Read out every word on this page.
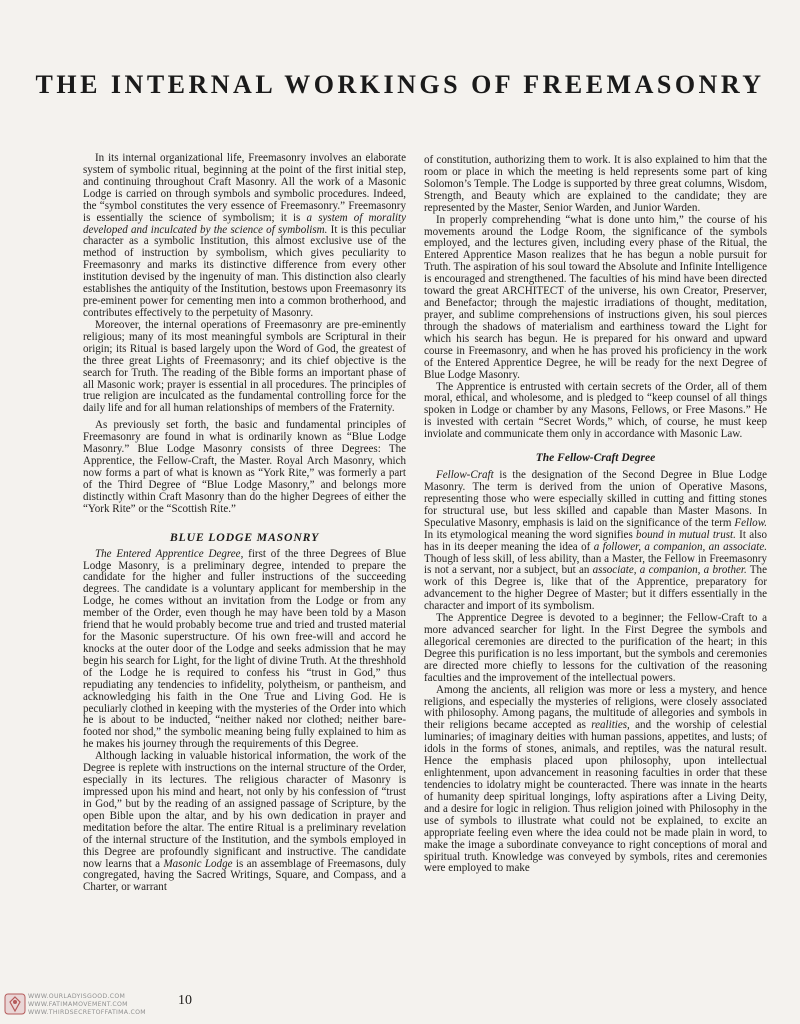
THE INTERNAL WORKINGS OF FREEMASONRY

In its internal organizational life, Freemasonry involves an elaborate system of symbolic ritual, beginning at the point of the first initial step, and continuing throughout Craft Masonry. All the work of a Masonic Lodge is carried on through symbols and symbolic procedures. Indeed, the “symbol constitutes the very essence of Freemasonry.” Freemasonry is essentially the science of symbolism; it is a system of morality developed and inculcated by the science of symbolism. It is this peculiar character as a symbolic Institution, this almost exclusive use of the method of instruction by symbolism, which gives peculiarity to Freemasonry and marks its distinctive difference from every other institution devised by the ingenuity of man. This distinction also clearly establishes the antiquity of the Institution, bestows upon Freemasonry its pre-eminent power for cementing men into a common brotherhood, and contributes effectively to the perpetuity of Masonry.

Moreover, the internal operations of Freemasonry are pre-eminently religious; many of its most meaningful symbols are Scriptural in their origin; its Ritual is based largely upon the Word of God, the greatest of the three great Lights of Freemasonry; and its chief objective is the search for Truth. The reading of the Bible forms an important phase of all Masonic work; prayer is essential in all procedures. The principles of true religion are inculcated as the fundamental controlling force for the daily life and for all human relationships of members of the Fraternity.

As previously set forth, the basic and fundamental principles of Freemasonry are found in what is ordinarily known as “Blue Lodge Masonry.” Blue Lodge Masonry consists of three Degrees: The Apprentice, the Fellow-Craft, the Master. Royal Arch Masonry, which now forms a part of what is known as “York Rite,” was formerly a part of the Third Degree of “Blue Lodge Masonry,” and belongs more distinctly within Craft Masonry than do the higher Degrees of either the “York Rite” or the “Scottish Rite.”

BLUE LODGE MASONRY

The Entered Apprentice Degree, first of the three Degrees of Blue Lodge Masonry, is a preliminary degree, intended to prepare the candidate for the higher and fuller instructions of the succeeding degrees. The candidate is a voluntary applicant for membership in the Lodge, he comes without an invitation from the Lodge or from any member of the Order, even though he may have been told by a Mason friend that he would probably become true and tried and trusted material for the Masonic superstructure. Of his own free-will and accord he knocks at the outer door of the Lodge and seeks admission that he may begin his search for Light, for the light of divine Truth. At the threshhold of the Lodge he is required to confess his “trust in God,” thus repudiating any tendencies to infidelity, polytheism, or pantheism, and acknowledging his faith in the One True and Living God. He is peculiarly clothed in keeping with the mysteries of the Order into which he is about to be inducted, “neither naked nor clothed; neither bare-footed nor shod,” the symbolic meaning being fully explained to him as he makes his journey through the requirements of this Degree.

Although lacking in valuable historical information, the work of the Degree is replete with instructions on the internal structure of the Order, especially in its lectures. The religious character of Masonry is impressed upon his mind and heart, not only by his confession of “trust in God,” but by the reading of an assigned passage of Scripture, by the open Bible upon the altar, and by his own dedication in prayer and meditation before the altar. The entire Ritual is a preliminary revelation of the internal structure of the Institution, and the symbols employed in this Degree are profoundly significant and instructive. The candidate now learns that a Masonic Lodge is an assemblage of Freemasons, duly congregated, having the Sacred Writings, Square, and Compass, and a Charter, or warrant

of constitution, authorizing them to work. It is also explained to him that the room or place in which the meeting is held represents some part of king Solomon’s Temple. The Lodge is supported by three great columns, Wisdom, Strength, and Beauty which are explained to the candidate; they are represented by the Master, Senior Warden, and Junior Warden.

In properly comprehending “what is done unto him,” the course of his movements around the Lodge Room, the significance of the symbols employed, and the lectures given, including every phase of the Ritual, the Entered Apprentice Mason realizes that he has begun a noble pursuit for Truth. The aspiration of his soul toward the Absolute and Infinite Intelligence is encouraged and strengthened. The faculties of his mind have been directed toward the great ARCHITECT of the universe, his own Creator, Preserver, and Benefactor; through the majestic irradiations of thought, meditation, prayer, and sublime comprehensions of instructions given, his soul pierces through the shadows of materialism and earthiness toward the Light for which his search has begun. He is prepared for his onward and upward course in Freemasonry, and when he has proved his proficiency in the work of the Entered Apprentice Degree, he will be ready for the next Degree of Blue Lodge Masonry.

The Apprentice is entrusted with certain secrets of the Order, all of them moral, ethical, and wholesome, and is pledged to “keep counsel of all things spoken in Lodge or chamber by any Masons, Fellows, or Free Masons.” He is invested with certain “Secret Words,” which, of course, he must keep inviolate and communicate them only in accordance with Masonic Law.

The Fellow-Craft Degree

Fellow-Craft is the designation of the Second Degree in Blue Lodge Masonry. The term is derived from the union of Operative Masons, representing those who were especially skilled in cutting and fitting stones for structural use, but less skilled and capable than Master Masons. In Speculative Masonry, emphasis is laid on the significance of the term Fellow. In its etymological meaning the word signifies bound in mutual trust. It also has in its deeper meaning the idea of a follower, a companion, an associate. Though of less skill, of less ability, than a Master, the Fellow in Freemasonry is not a servant, nor a subject, but an associate, a companion, a brother. The work of this Degree is, like that of the Apprentice, preparatory for advancement to the higher Degree of Master; but it differs essentially in the character and import of its symbolism.

The Apprentice Degree is devoted to a beginner; the Fellow-Craft to a more advanced searcher for light. In the First Degree the symbols and allegorical ceremonies are directed to the purification of the heart; in this Degree this purification is no less important, but the symbols and ceremonies are directed more chiefly to lessons for the cultivation of the reasoning faculties and the improvement of the intellectual powers.

Among the ancients, all religion was more or less a mystery, and hence religions, and especially the mysteries of religions, were closely associated with philosophy. Among pagans, the multitude of allegories and symbols in their religions became accepted as realities, and the worship of celestial luminaries; of imaginary deities with human passions, appetites, and lusts; of idols in the forms of stones, animals, and reptiles, was the natural result. Hence the emphasis placed upon philosophy, upon intellectual enlightenment, upon advancement in reasoning faculties in order that these tendencies to idolatry might be counteracted. There was innate in the hearts of humanity deep spiritual longings, lofty aspirations after a Living Deity, and a desire for logic in religion. Thus religion joined with Philosophy in the use of symbols to illustrate what could not be explained, to excite an appropriate feeling even where the idea could not be made plain in word, to make the image a subordinate conveyance to right conceptions of moral and spiritual truth. Knowledge was conveyed by symbols, rites and ceremonies were employed to make

WWW.OURLADYISGOOD.COM
WWW.FATIMAMOVEMENT.COM
WWW.THIRDSECRETOFFATIMA.COM
10
